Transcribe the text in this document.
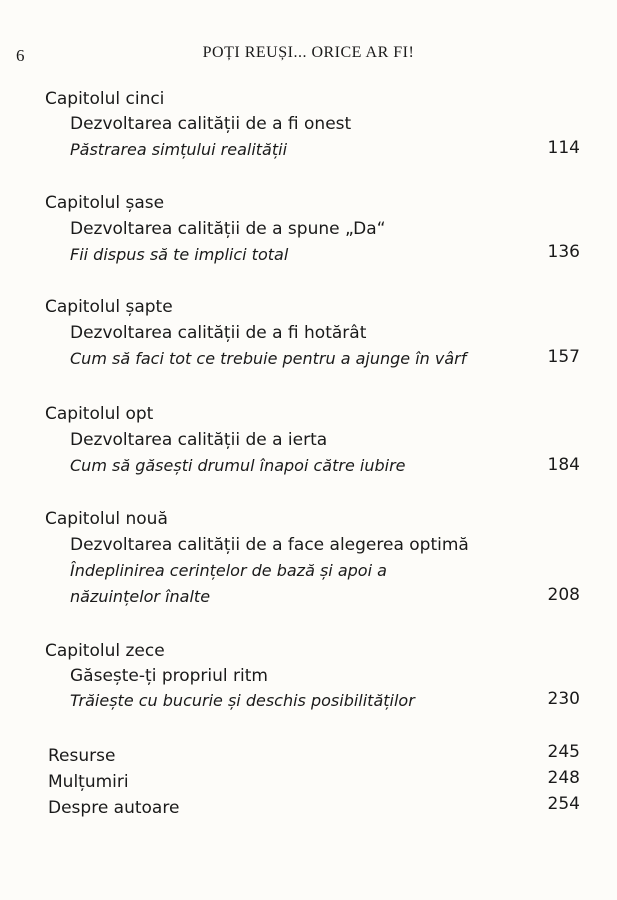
6	POȚI REUȘI... ORICE AR FI!
Capitolul cinci
Dezvoltarea calității de a fi onest
Păstrarea simțului realității	114
Capitolul șase
Dezvoltarea calității de a spune „Da“
Fii dispus să te implici total	136
Capitolul șapte
Dezvoltarea calității de a fi hotărât
Cum să faci tot ce trebuie pentru a ajunge în vârf	157
Capitolul opt
Dezvoltarea calității de a ierta
Cum să găsești drumul înapoi către iubire	184
Capitolul nouă
Dezvoltarea calității de a face alegerea optimă
Îndeplinirea cerințelor de bază și apoi a
năzuințelor înalte	208
Capitolul zece
Găsește-ți propriul ritm
Trăiește cu bucurie și deschis posibilităților	230
Resurse	245
Mulțumiri	248
Despre autoare	254
